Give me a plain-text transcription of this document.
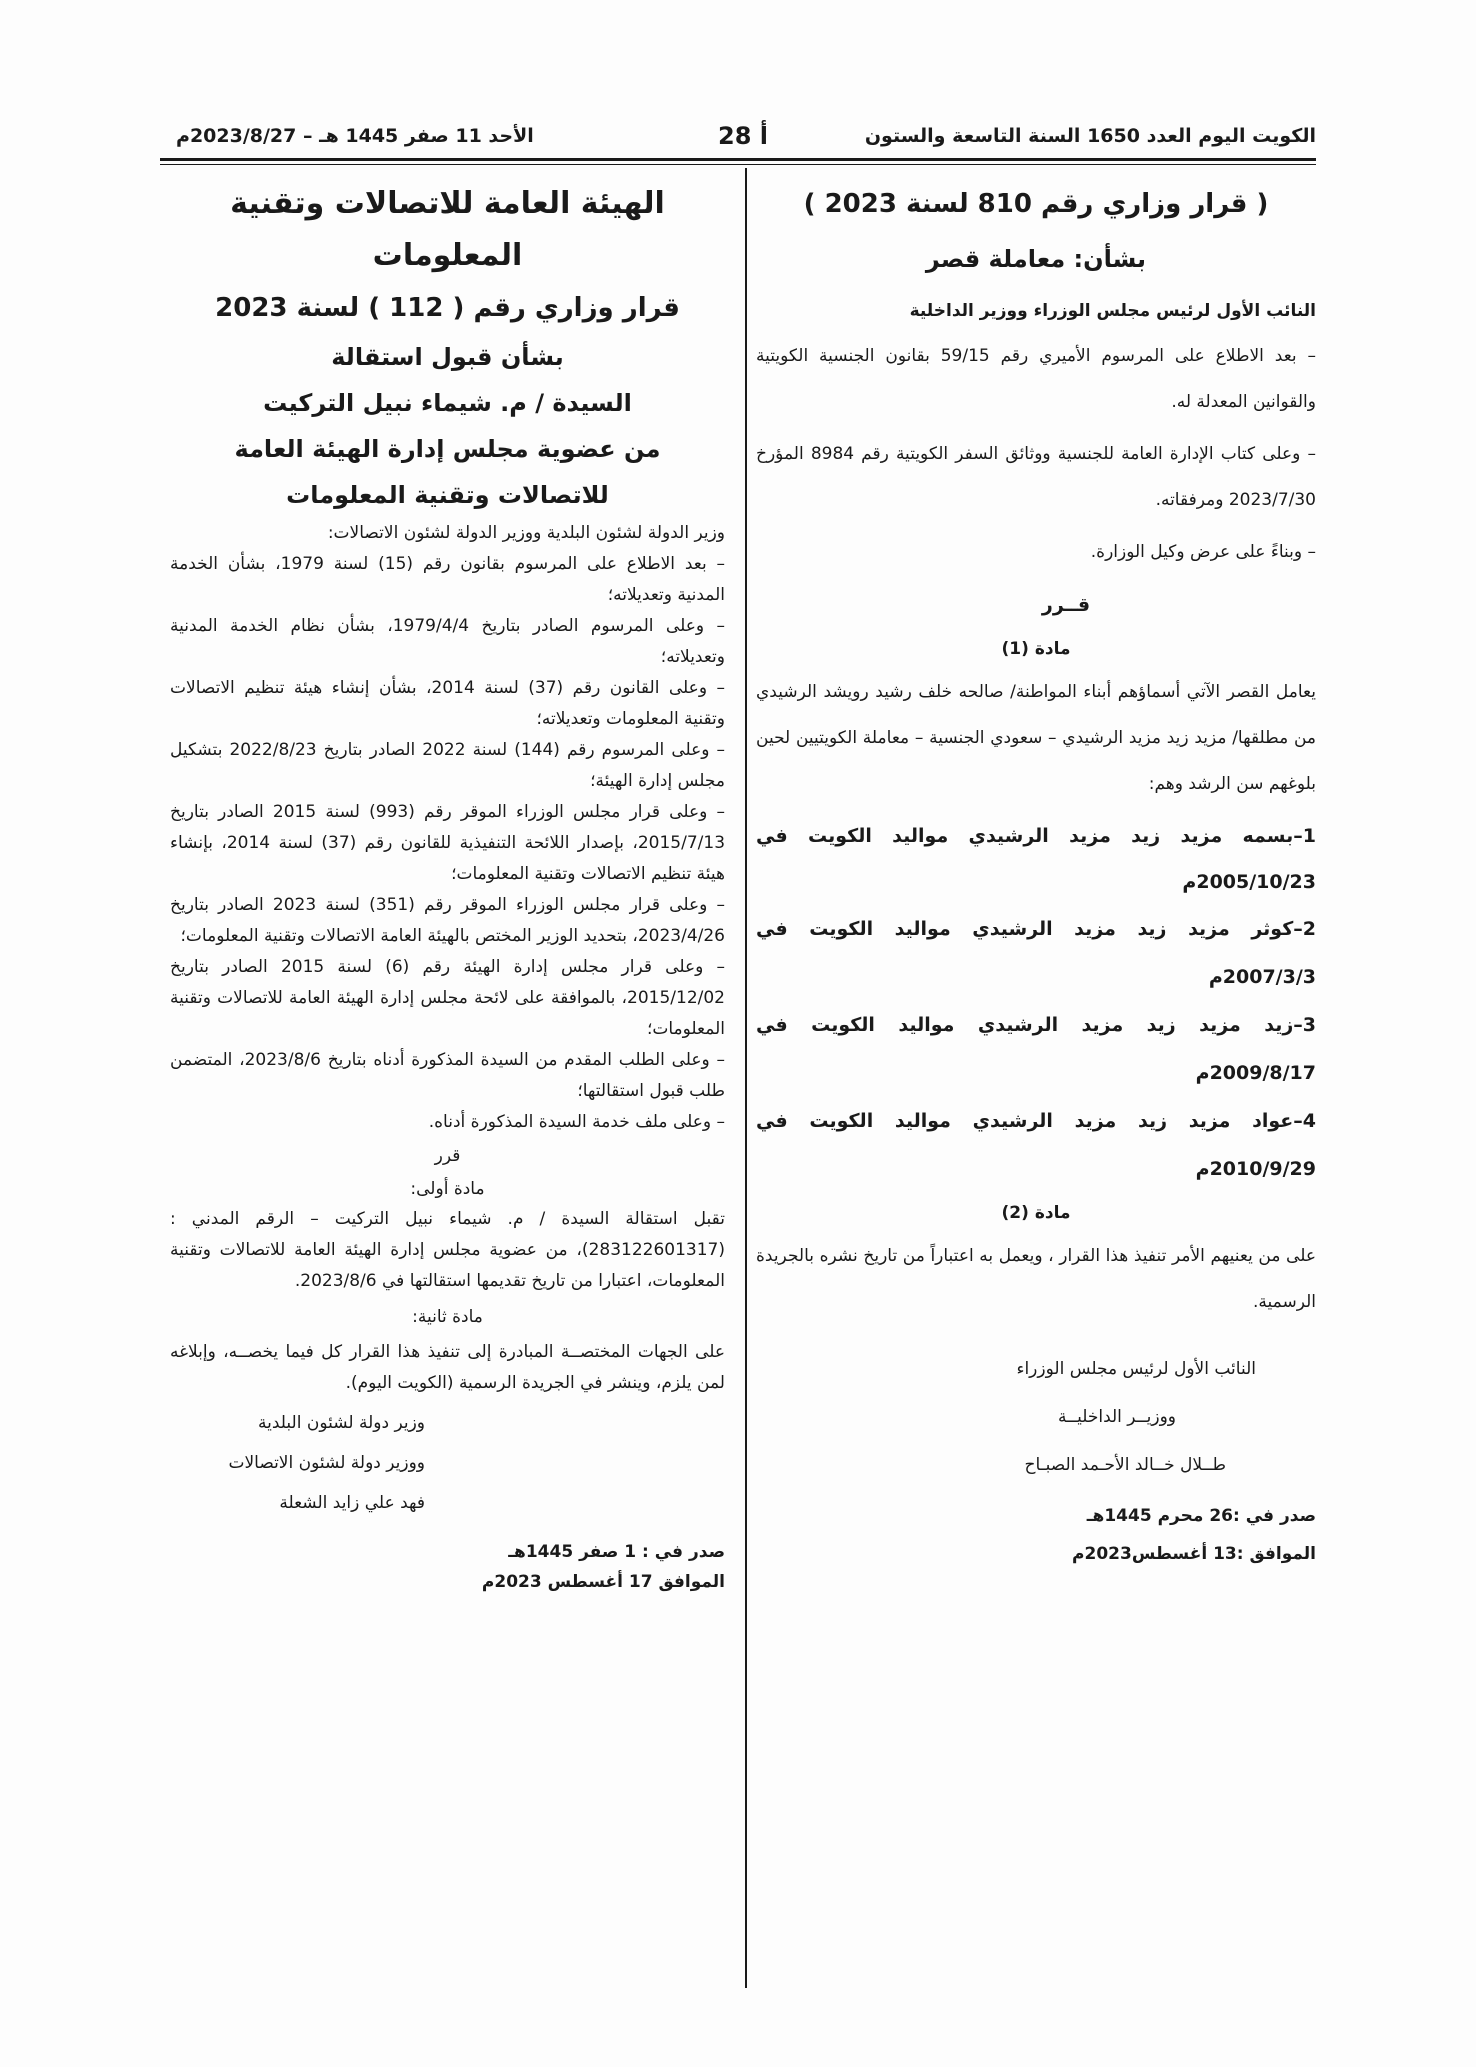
الكويت اليوم العدد 1650 السنة التاسعة والستون
أ 28
الأحد 11 صفر 1445 هـ – 2023/8/27م
( قرار وزاري رقم 810 لسنة 2023 )
بشأن: معاملة قصر
النائب الأول لرئيس مجلس الوزراء ووزير الداخلية
– بعد الاطلاع على المرسوم الأميري رقم 59/15 بقانون الجنسية الكويتية والقوانين المعدلة له.
– وعلى كتاب الإدارة العامة للجنسية ووثائق السفر الكويتية رقم 8984 المؤرخ 2023/7/30 ومرفقاته.
– وبناءً على عرض وكيل الوزارة.
قــرر
مادة (1)
يعامل القصر الآتي أسماؤهم أبناء المواطنة/ صالحه خلف رشيد رويشد الرشيدي من مطلقها/ مزيد زيد مزيد الرشيدي – سعودي الجنسية – معاملة الكويتيين لحين بلوغهم سن الرشد وهم:
1–بسمه مزيد زيد مزيد الرشيدي مواليد الكويت في 2005/10/23م
2–كوثر مزيد زيد مزيد الرشيدي مواليد الكويت في 2007/3/3م
3–زيد مزيد زيد مزيد الرشيدي مواليد الكويت في 2009/8/17م
4–عواد مزيد زيد مزيد الرشيدي مواليد الكويت في 2010/9/29م
مادة (2)
على من يعنيهم الأمر تنفيذ هذا القرار ، ويعمل به اعتباراً من تاريخ نشره بالجريدة الرسمية.
النائب الأول لرئيس مجلس الوزراء
ووزيــر الداخليــة
طــلال خــالد الأحـمد الصبـاح
صدر في :26 محرم 1445هـ
الموافق :13 أغسطس2023م
الهيئة العامة للاتصالات وتقنية المعلومات
قرار وزاري رقم ( 112 ) لسنة 2023
بشأن قبول استقالة
السيدة / م. شيماء نبيل التركيت
من عضوية مجلس إدارة الهيئة العامة
للاتصالات وتقنية المعلومات
وزير الدولة لشئون البلدية ووزير الدولة لشئون الاتصالات:
– بعد الاطلاع على المرسوم بقانون رقم (15) لسنة 1979، بشأن الخدمة المدنية وتعديلاته؛
– وعلى المرسوم الصادر بتاريخ 1979/4/4، بشأن نظام الخدمة المدنية وتعديلاته؛
– وعلى القانون رقم (37) لسنة 2014، بشأن إنشاء هيئة تنظيم الاتصالات وتقنية المعلومات وتعديلاته؛
– وعلى المرسوم رقم (144) لسنة 2022 الصادر بتاريخ 2022/8/23 بتشكيل مجلس إدارة الهيئة؛
– وعلى قرار مجلس الوزراء الموقر رقم (993) لسنة 2015 الصادر بتاريخ 2015/7/13، بإصدار اللائحة التنفيذية للقانون رقم (37) لسنة 2014، بإنشاء هيئة تنظيم الاتصالات وتقنية المعلومات؛
– وعلى قرار مجلس الوزراء الموقر رقم (351) لسنة 2023 الصادر بتاريخ 2023/4/26، بتحديد الوزير المختص بالهيئة العامة الاتصالات وتقنية المعلومات؛
– وعلى قرار مجلس إدارة الهيئة رقم (6) لسنة 2015 الصادر بتاريخ 2015/12/02، بالموافقة على لائحة مجلس إدارة الهيئة العامة للاتصالات وتقنية المعلومات؛
– وعلى الطلب المقدم من السيدة المذكورة أدناه بتاريخ 2023/8/6، المتضمن طلب قبول استقالتها؛
– وعلى ملف خدمة السيدة المذكورة أدناه.
قرر
مادة أولى:
تقبل استقالة السيدة / م. شيماء نبيل التركيت – الرقم المدني : (283122601317)، من عضوية مجلس إدارة الهيئة العامة للاتصالات وتقنية المعلومات، اعتبارا من تاريخ تقديمها استقالتها في 2023/8/6.
مادة ثانية:
على الجهات المختصــة المبادرة إلى تنفيذ هذا القرار كل فيما يخصــه، وإبلاغه لمن يلزم، وينشر في الجريدة الرسمية (الكويت اليوم).
وزير دولة لشئون البلدية
ووزير دولة لشئون الاتصالات
فهد علي زايد الشعلة
صدر في : 1 صفر 1445هـ
الموافق 17 أغسطس 2023م
